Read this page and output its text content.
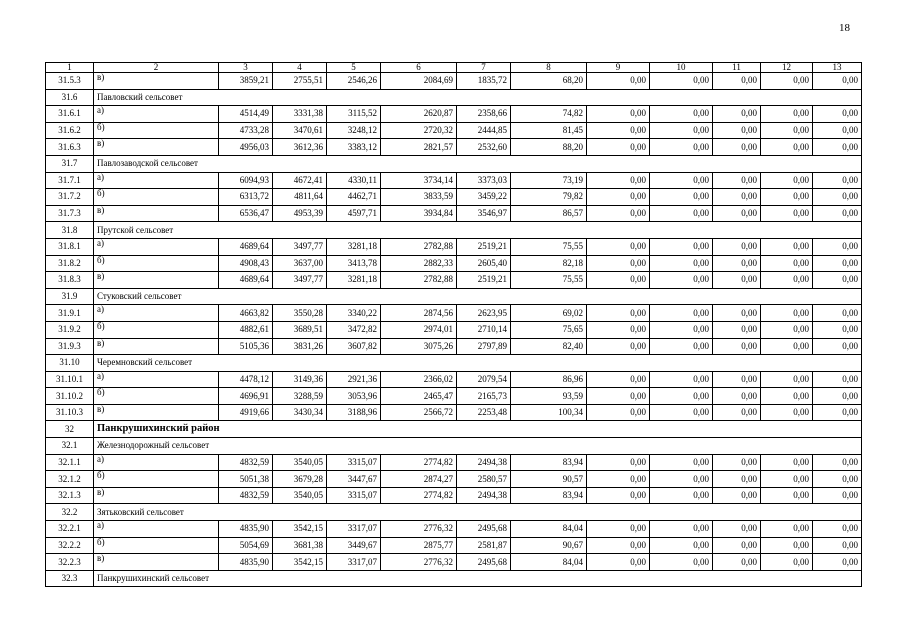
18
1	2	3	4	5	6	7	8	9	10	11	12	13
31.5.3	в)	3859,21	2755,51	2546,26	2084,69	1835,72	68,20	0,00	0,00	0,00	0,00	0,00
31.6	Павловский сельсовет											
31.6.1	а)	4514,49	3331,38	3115,52	2620,87	2358,66	74,82	0,00	0,00	0,00	0,00	0,00
31.6.2	б)	4733,28	3470,61	3248,12	2720,32	2444,85	81,45	0,00	0,00	0,00	0,00	0,00
31.6.3	в)	4956,03	3612,36	3383,12	2821,57	2532,60	88,20	0,00	0,00	0,00	0,00	0,00
31.7	Павлозаводской сельсовет											
31.7.1	а)	6094,93	4672,41	4330,11	3734,14	3373,03	73,19	0,00	0,00	0,00	0,00	0,00
31.7.2	б)	6313,72	4811,64	4462,71	3833,59	3459,22	79,82	0,00	0,00	0,00	0,00	0,00
31.7.3	в)	6536,47	4953,39	4597,71	3934,84	3546,97	86,57	0,00	0,00	0,00	0,00	0,00
31.8	Прутской сельсовет											
31.8.1	а)	4689,64	3497,77	3281,18	2782,88	2519,21	75,55	0,00	0,00	0,00	0,00	0,00
31.8.2	б)	4908,43	3637,00	3413,78	2882,33	2605,40	82,18	0,00	0,00	0,00	0,00	0,00
31.8.3	в)	4689,64	3497,77	3281,18	2782,88	2519,21	75,55	0,00	0,00	0,00	0,00	0,00
31.9	Стуковский сельсовет											
31.9.1	а)	4663,82	3550,28	3340,22	2874,56	2623,95	69,02	0,00	0,00	0,00	0,00	0,00
31.9.2	б)	4882,61	3689,51	3472,82	2974,01	2710,14	75,65	0,00	0,00	0,00	0,00	0,00
31.9.3	в)	5105,36	3831,26	3607,82	3075,26	2797,89	82,40	0,00	0,00	0,00	0,00	0,00
31.10	Черемновский сельсовет											
31.10.1	а)	4478,12	3149,36	2921,36	2366,02	2079,54	86,96	0,00	0,00	0,00	0,00	0,00
31.10.2	б)	4696,91	3288,59	3053,96	2465,47	2165,73	93,59	0,00	0,00	0,00	0,00	0,00
31.10.3	в)	4919,66	3430,34	3188,96	2566,72	2253,48	100,34	0,00	0,00	0,00	0,00	0,00
32	Панкрушихинский район											
32.1	Железнодорожный сельсовет											
32.1.1	а)	4832,59	3540,05	3315,07	2774,82	2494,38	83,94	0,00	0,00	0,00	0,00	0,00
32.1.2	б)	5051,38	3679,28	3447,67	2874,27	2580,57	90,57	0,00	0,00	0,00	0,00	0,00
32.1.3	в)	4832,59	3540,05	3315,07	2774,82	2494,38	83,94	0,00	0,00	0,00	0,00	0,00
32.2	Зятьковский сельсовет											
32.2.1	а)	4835,90	3542,15	3317,07	2776,32	2495,68	84,04	0,00	0,00	0,00	0,00	0,00
32.2.2	б)	5054,69	3681,38	3449,67	2875,77	2581,87	90,67	0,00	0,00	0,00	0,00	0,00
32.2.3	в)	4835,90	3542,15	3317,07	2776,32	2495,68	84,04	0,00	0,00	0,00	0,00	0,00
32.3	Панкрушихинский сельсовет											
